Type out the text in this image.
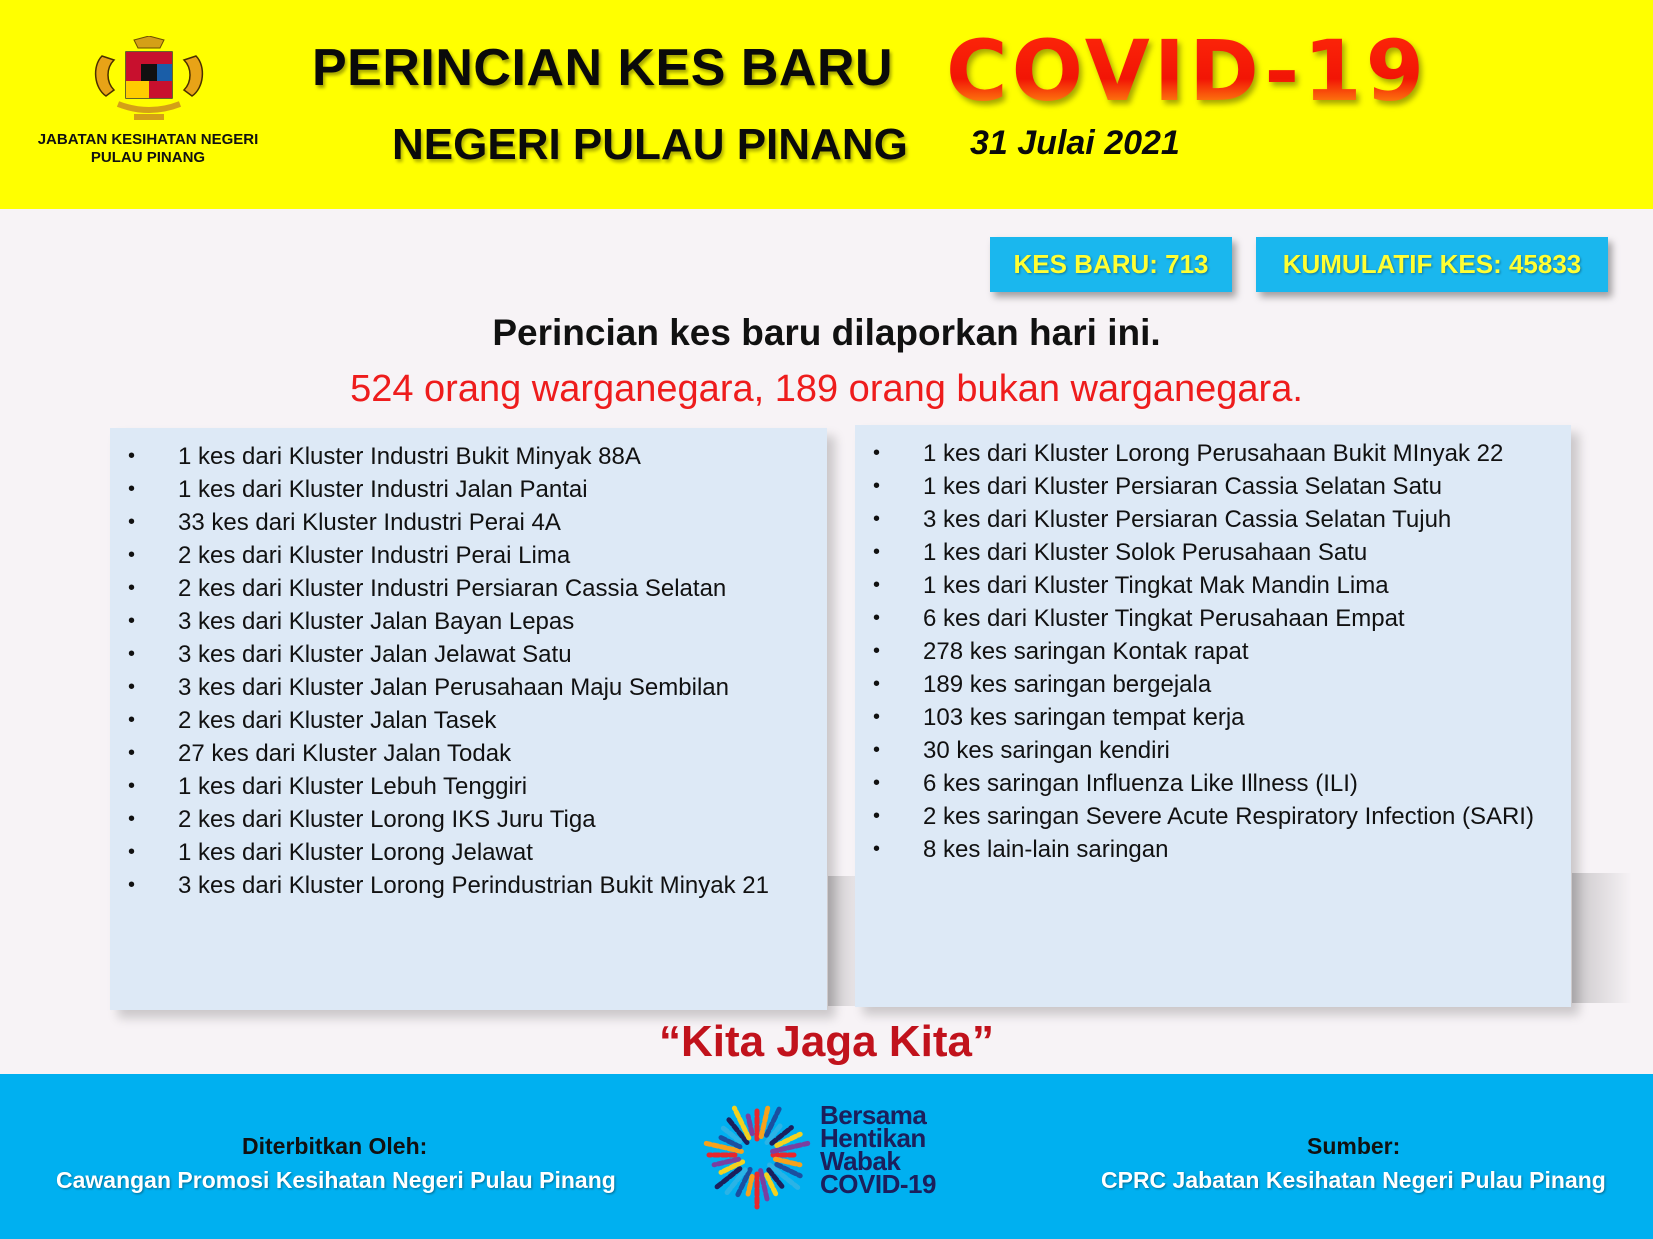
JABATAN KESIHATAN NEGERI PULAU PINANG
PERINCIAN KES BARU COVID-19
NEGERI PULAU PINANG 31 Julai 2021
KES BARU: 713	KUMULATIF KES: 45833
Perincian kes baru dilaporkan hari ini.
524 orang warganegara, 189 orang bukan warganegara.
• 1 kes dari Kluster Industri Bukit Minyak 88A
• 1 kes dari Kluster Industri Jalan Pantai
• 33 kes dari Kluster Industri Perai 4A
• 2 kes dari Kluster Industri Perai Lima
• 2 kes dari Kluster Industri Persiaran Cassia Selatan
• 3 kes dari Kluster Jalan Bayan Lepas
• 3 kes dari Kluster Jalan Jelawat Satu
• 3 kes dari Kluster Jalan Perusahaan Maju Sembilan
• 2 kes dari Kluster Jalan Tasek
• 27 kes dari Kluster Jalan Todak
• 1 kes dari Kluster Lebuh Tenggiri
• 2 kes dari Kluster Lorong IKS Juru Tiga
• 1 kes dari Kluster Lorong Jelawat
• 3 kes dari Kluster Lorong Perindustrian Bukit Minyak 21
• 1 kes dari Kluster Lorong Perusahaan Bukit MInyak 22
• 1 kes dari Kluster Persiaran Cassia Selatan Satu
• 3 kes dari Kluster Persiaran Cassia Selatan Tujuh
• 1 kes dari Kluster Solok Perusahaan Satu
• 1 kes dari Kluster Tingkat Mak Mandin Lima
• 6 kes dari Kluster Tingkat Perusahaan Empat
• 278 kes saringan Kontak rapat
• 189 kes saringan bergejala
• 103 kes saringan tempat kerja
• 30 kes saringan kendiri
• 6 kes saringan Influenza Like Illness (ILI)
• 2 kes saringan Severe Acute Respiratory Infection (SARI)
• 8 kes lain-lain saringan
“Kita Jaga Kita”
Diterbitkan Oleh:
Cawangan Promosi Kesihatan Negeri Pulau Pinang
Sumber:
CPRC Jabatan Kesihatan Negeri Pulau Pinang
Bersama
Hentikan
Wabak
COVID-19
